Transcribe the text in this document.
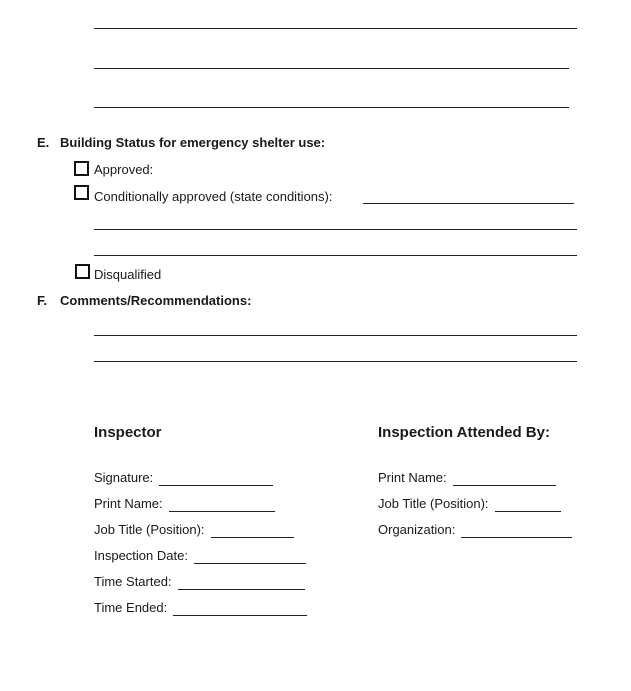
E. Building Status for emergency shelter use:
Approved:
Conditionally approved (state conditions):
Disqualified
F. Comments/Recommendations:
Inspector
Signature:
Print Name:
Job Title (Position):
Inspection Date:
Time Started:
Time Ended:
Inspection Attended By:
Print Name:
Job Title (Position):
Organization:
